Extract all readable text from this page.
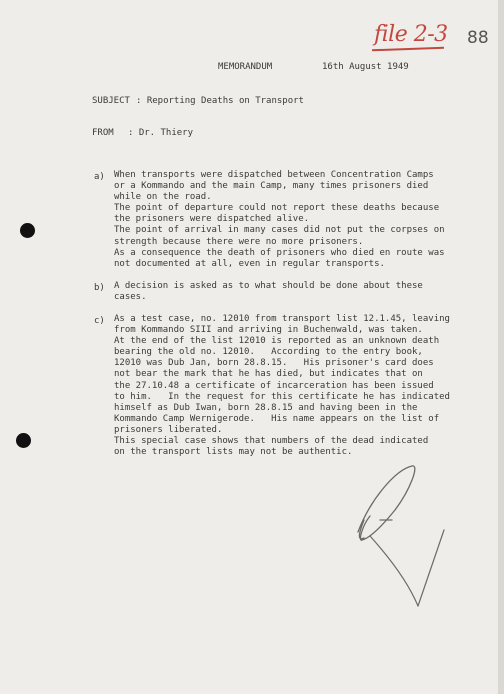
file 2-3 88
MEMORANDUM	16th August 1949
SUBJECT : Reporting Deaths on Transport
FROM : Dr. Thiery
a) When transports were dispatched between Concentration Camps
or a Kommando and the main Camp, many times prisoners died
while on the road.
The point of departure could not report these deaths because
the prisoners were dispatched alive.
The point of arrival in many cases did not put the corpses on
strength because there were no more prisoners.
As a consequence the death of prisoners who died en route was
not documented at all, even in regular transports.
b) A decision is asked as to what should be done about these
cases.
c) As a test case, no. 12010 from transport list 12.1.45, leaving
from Kommando SIII and arriving in Buchenwald, was taken.
At the end of the list 12010 is reported as an unknown death
bearing the old no. 12010.   According to the entry book,
12010 was Dub Jan, born 28.8.15.   His prisoner's card does
not bear the mark that he has died, but indicates that on
the 27.10.48 a certificate of incarceration has been issued
to him.   In the request for this certificate he has indicated
himself as Dub Iwan, born 28.8.15 and having been in the
Kommando Camp Wernigerode.   His name appears on the list of
prisoners liberated.
This special case shows that numbers of the dead indicated
on the transport lists may not be authentic.
